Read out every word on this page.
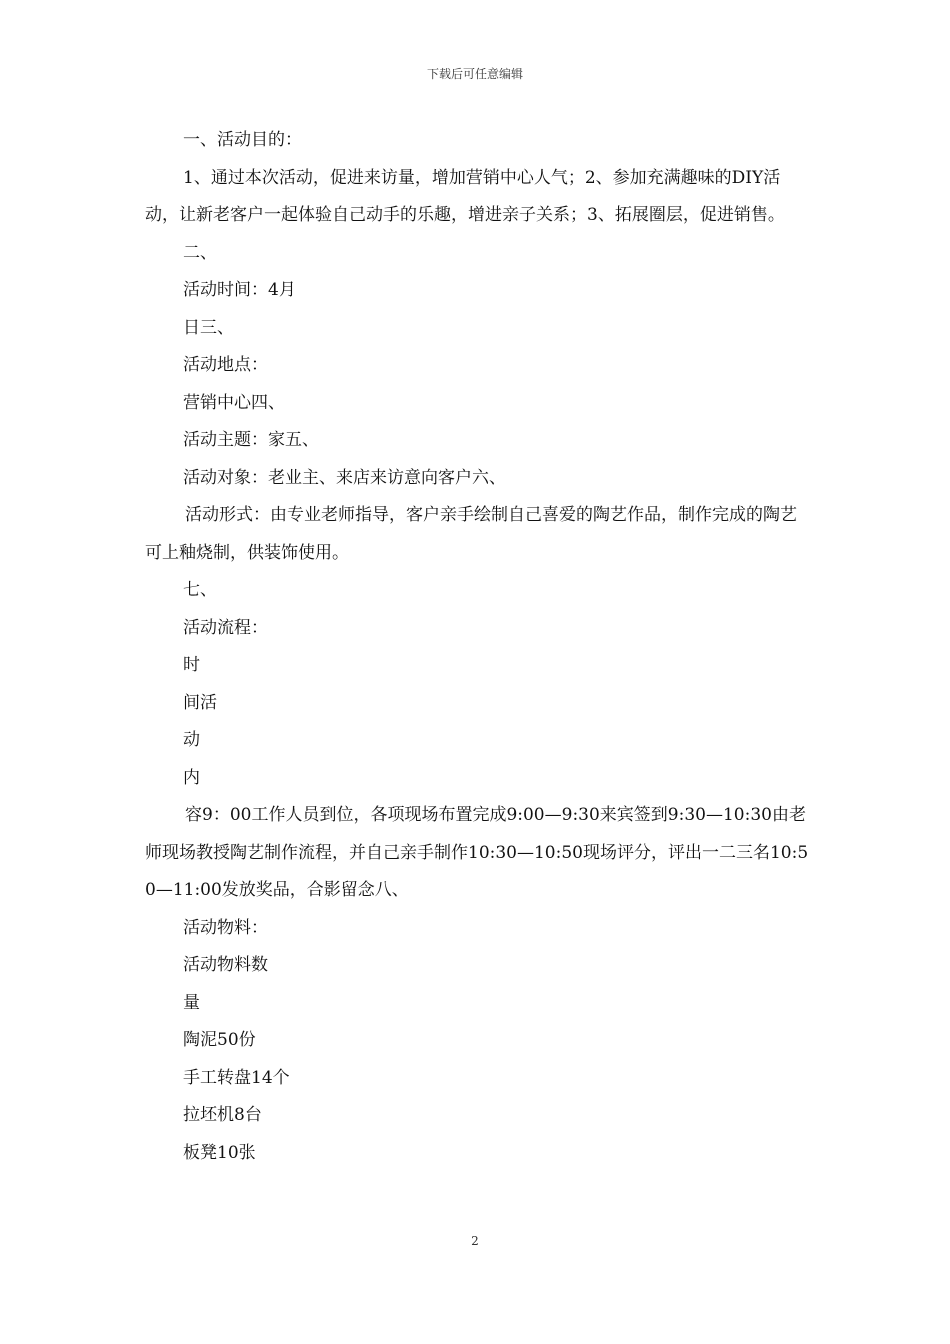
下载后可任意编辑

一、活动目的：

1、通过本次活动，促进来访量，增加营销中心人气；2、参加充满趣味的DIY活动，让新老客户一起体验自己动手的乐趣，增进亲子关系；3、拓展圈层，促进销售。

二、

活动时间：4月

日三、

活动地点：

营销中心四、

活动主题：家五、

活动对象：老业主、来店来访意向客户六、

活动形式：由专业老师指导，客户亲手绘制自己喜爱的陶艺作品，制作完成的陶艺可上釉烧制，供装饰使用。

七、

活动流程：

时

间活

动

内

容9：00工作人员到位，各项现场布置完成9:00—9:30来宾签到9:30—10:30由老师现场教授陶艺制作流程，并自己亲手制作10:30—10:50现场评分，评出一二三名10:50—11:00发放奖品，合影留念八、

活动物料：

活动物料数

量

陶泥50份

手工转盘14个

拉坯机8台

板凳10张

2
